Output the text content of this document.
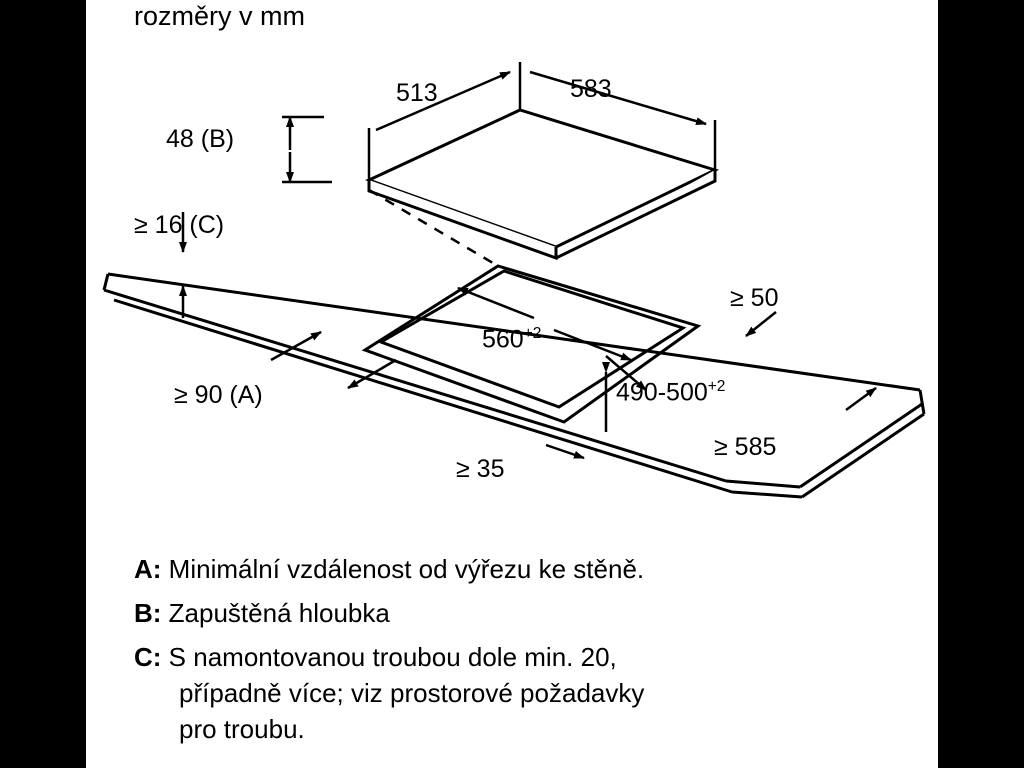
rozměry v mm
513	583
48 (B)
≥ 16 (C)
≥ 50
$560^{+2}$
$490-500^{+2}$
≥ 90 (A)
≥ 585
≥ 35
A: Minimální vzdálenost od výřezu ke stěně.
B: Zapuštěná hloubka
C: S namontovanou troubou dole min. 20,
případně více; viz prostorové požadavky
pro troubu.
